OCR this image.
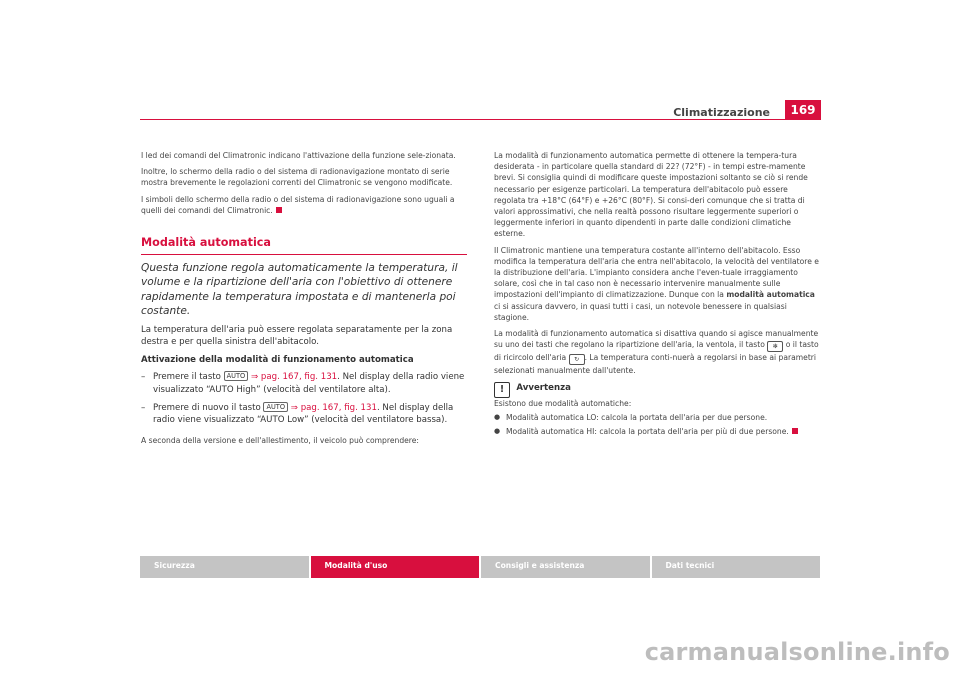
Climatizzazione	169

I led dei comandi del Climatronic indicano l'attivazione della funzione sele-zionata.

Inoltre, lo schermo della radio o del sistema di radionavigazione montato di serie mostra brevemente le regolazioni correnti del Climatronic se vengono modificate.

I simboli dello schermo della radio o del sistema di radionavigazione sono uguali a quelli dei comandi del Climatronic.

Modalità automatica
Questa funzione regola automaticamente la temperatura, il volume e la ripartizione dell'aria con l'obiettivo di ottenere rapidamente la temperatura impostata e di mantenerla poi costante.

La temperatura dell'aria può essere regolata separatamente per la zona destra e per quella sinistra dell'abitacolo.

Attivazione della modalità di funzionamento automatica

– Premere il tasto AUTO ⇒ pag. 167, fig. 131. Nel display della radio viene visualizzato “AUTO High” (velocità del ventilatore alta).
– Premere di nuovo il tasto AUTO ⇒ pag. 167, fig. 131. Nel display della radio viene visualizzato “AUTO Low” (velocità del ventilatore bassa).
A seconda della versione e dell'allestimento, il veicolo può comprendere:

La modalità di funzionamento automatica permette di ottenere la tempera-tura desiderata - in particolare quella standard di 22? (72°F) - in tempi estre-mamente brevi. Si consiglia quindi di modificare queste impostazioni soltanto se ciò si rende necessario per esigenze particolari. La temperatura dell'abitacolo può essere regolata tra +18°C (64°F) e +26°C (80°F). Si consi-deri comunque che si tratta di valori approssimativi, che nella realtà possono risultare leggermente superiori o leggermente inferiori in quanto dipendenti in parte dalle condizioni climatiche esterne.

Il Climatronic mantiene una temperatura costante all'interno dell'abitacolo. Esso modifica la temperatura dell'aria che entra nell'abitacolo, la velocità del ventilatore e la distribuzione dell'aria. L'impianto considera anche l'even-tuale irraggiamento solare, così che in tal caso non è necessario intervenire manualmente sulle impostazioni dell'impianto di climatizzazione. Dunque con la modalità automatica ci si assicura davvero, in quasi tutti i casi, un notevole benessere in qualsiasi stagione.

La modalità di funzionamento automatica si disattiva quando si agisce manualmente su uno dei tasti che regolano la ripartizione dell'aria, la ventola, il tasto ✻ o il tasto di ricircolo dell'aria ↻ . La temperatura conti-nuerà a regolarsi in base ai parametri selezionati manualmente dall'utente.

! Avvertenza
Esistono due modalità automatiche:
● Modalità automatica LO: calcola la portata dell'aria per due persone.
● Modalità automatica HI: calcola la portata dell'aria per più di due persone.
Sicurezza	Modalità d'uso	Consigli e assistenza	Dati tecnici
carmanualsonline.info
